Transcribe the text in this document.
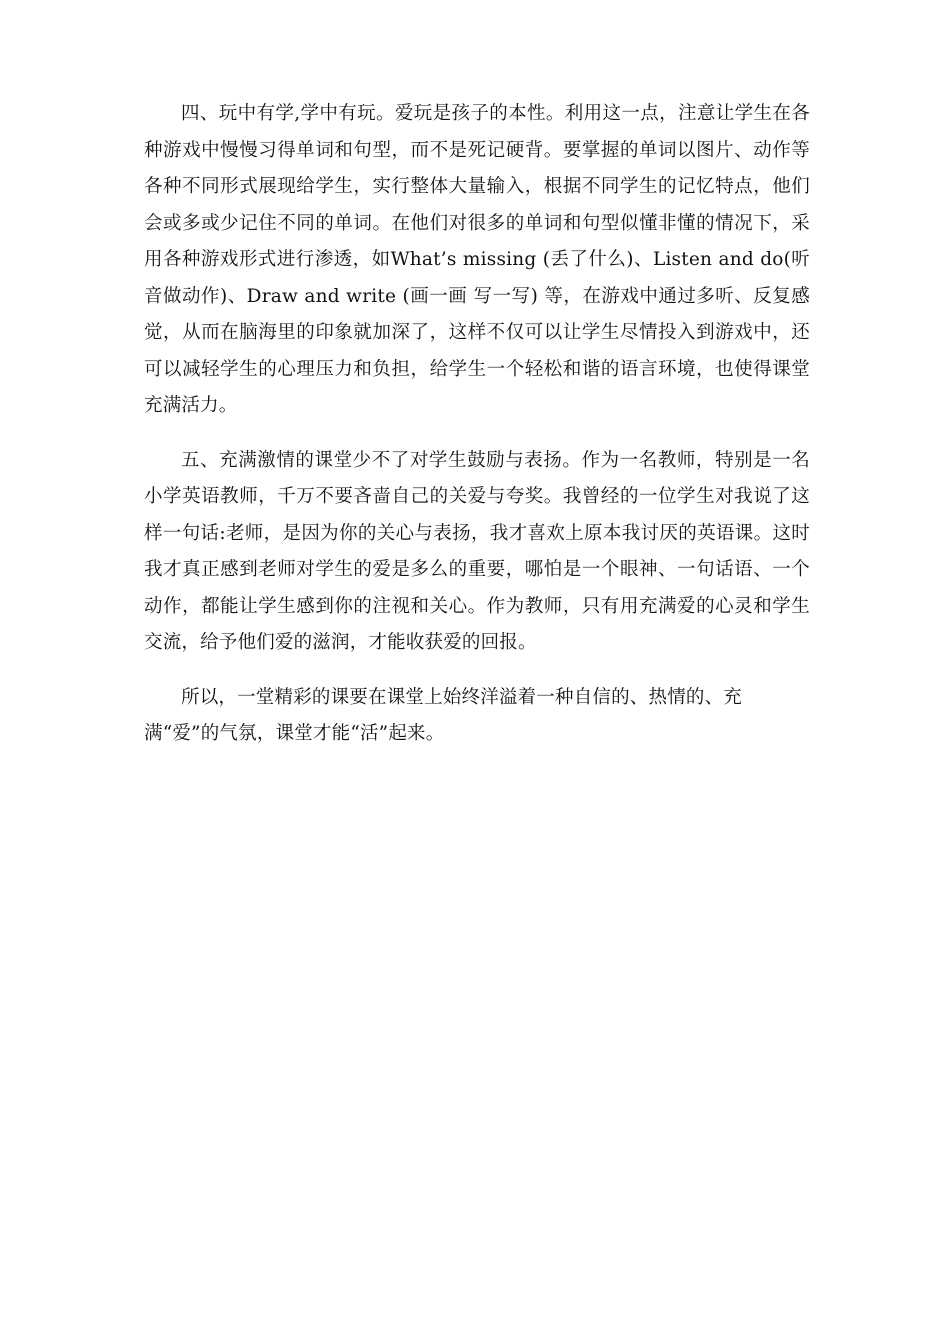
四、玩中有学,学中有玩。爱玩是孩子的本性。利用这一点，注意让学生在各种游戏中慢慢习得单词和句型，而不是死记硬背。要掌握的单词以图片、动作等各种不同形式展现给学生，实行整体大量输入，根据不同学生的记忆特点，他们会或多或少记住不同的单词。在他们对很多的单词和句型似懂非懂的情况下，采用各种游戏形式进行渗透，如What’s missing (丢了什么)、Listen and do(听音做动作)、Draw and write (画一画 写一写) 等，在游戏中通过多听、反复感觉，从而在脑海里的印象就加深了，这样不仅可以让学生尽情投入到游戏中，还可以减轻学生的心理压力和负担，给学生一个轻松和谐的语言环境，也使得课堂充满活力。

五、充满激情的课堂少不了对学生鼓励与表扬。作为一名教师，特别是一名小学英语教师，千万不要吝啬自己的关爱与夸奖。我曾经的一位学生对我说了这样一句话:老师，是因为你的关心与表扬，我才喜欢上原本我讨厌的英语课。这时我才真正感到老师对学生的爱是多么的重要，哪怕是一个眼神、一句话语、一个动作，都能让学生感到你的注视和关心。作为教师，只有用充满爱的心灵和学生交流，给予他们爱的滋润，才能收获爱的回报。

所以，一堂精彩的课要在课堂上始终洋溢着一种自信的、热情的、充满“爱”的气氛，课堂才能“活”起来。
